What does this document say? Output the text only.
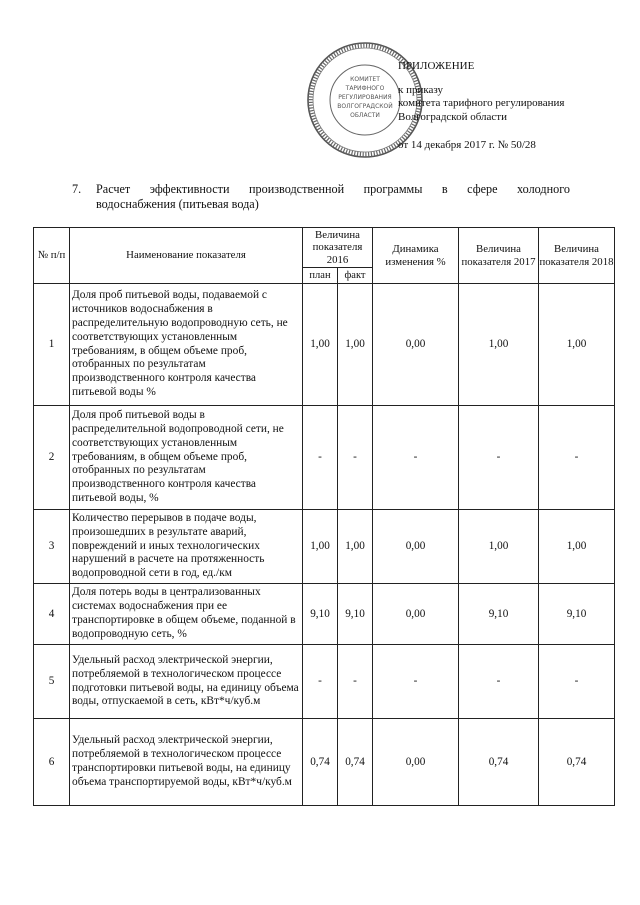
КОМИТЕТ
ТАРИФНОГО
РЕГУЛИРОВАНИЯ
ВОЛГОГРАДСКОЙ
ОБЛАСТИ
ПРИЛОЖЕНИЕ
к приказу
комитета тарифного регулирования
Волгоградской области
от 14 декабря 2017 г. № 50/28
7. Расчет эффективности производственной программы в сфере холодного
водоснабжения (питьевая вода)
№ п/п	Наименование показателя	Величина показателя 2016		Динамика изменения %	Величина показателя 2017	Величина показателя 2018
		план	факт			
1	Доля проб питьевой воды, подаваемой с источников водоснабжения в распределительную водопроводную сеть, не соответствующих установленным требованиям, в общем объеме проб, отобранных по результатам производственного контроля качества питьевой воды %	1,00	1,00	0,00	1,00	1,00
2	Доля проб питьевой воды в распределительной водопроводной сети, не соответствующих установленным требованиям, в общем объеме проб, отобранных по результатам производственного контроля качества питьевой воды, %	-	-	-	-	-
3	Количество перерывов в подаче воды, произошедших в результате аварий, повреждений и иных технологических нарушений в расчете на протяженность водопроводной сети в год, ед./км	1,00	1,00	0,00	1,00	1,00
4	Доля потерь воды в централизованных системах водоснабжения при ее транспортировке в общем объеме, поданной в водопроводную сеть, %	9,10	9,10	0,00	9,10	9,10
5	Удельный расход электрической энергии, потребляемой в технологическом процессе подготовки питьевой воды, на единицу объема воды, отпускаемой в сеть, кВт*ч/куб.м	-	-	-	-	-
6	Удельный расход электрической энергии, потребляемой в технологическом процессе транспортировки питьевой воды, на единицу объема транспортируемой воды, кВт*ч/куб.м	0,74	0,74	0,00	0,74	0,74
